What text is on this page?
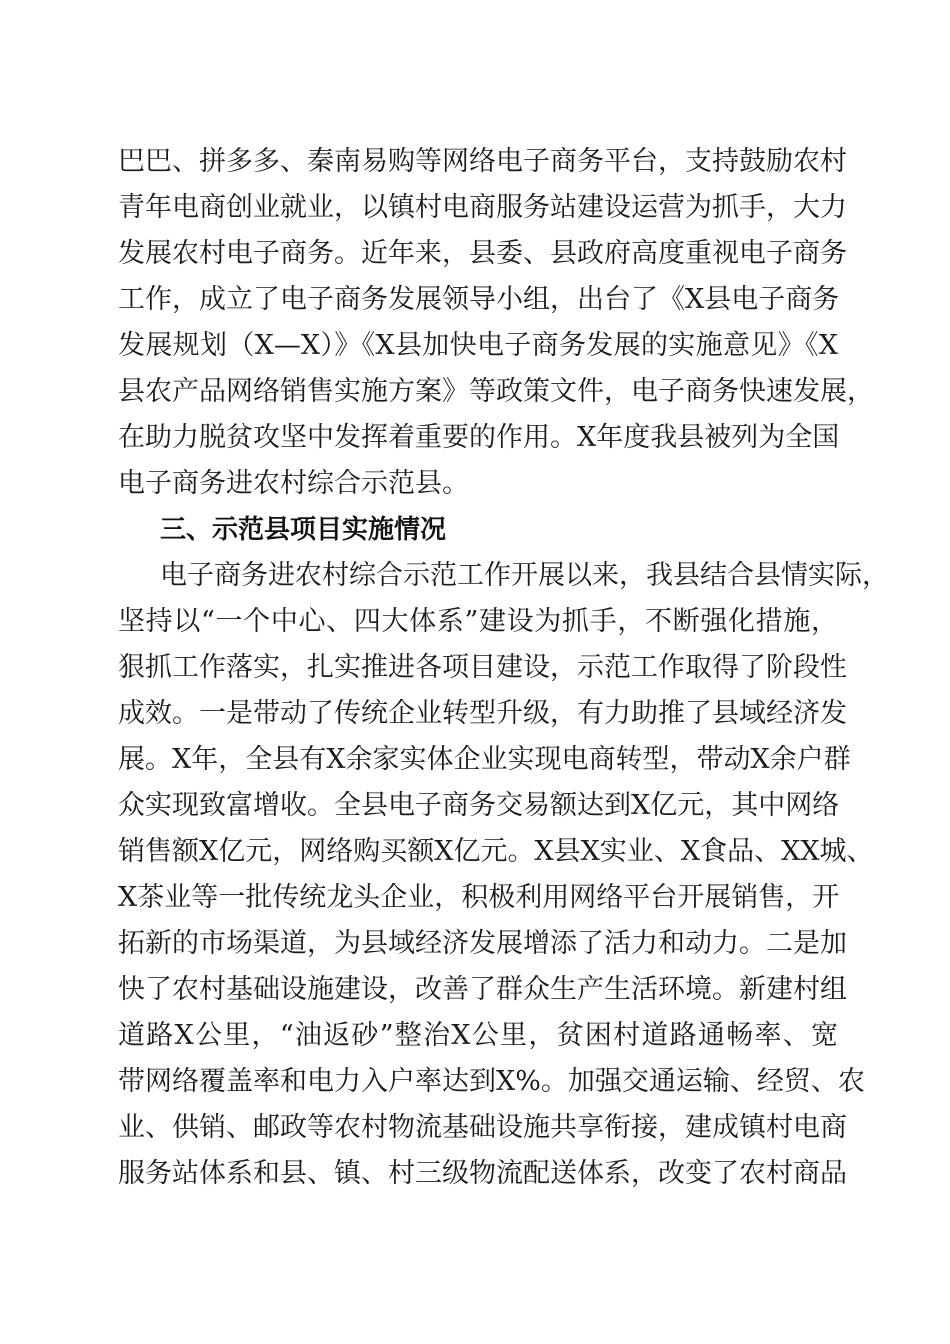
巴巴、拼多多、秦南易购等网络电子商务平台，支持鼓励农村
青年电商创业就业，以镇村电商服务站建设运营为抓手，大力
发展农村电子商务。近年来，县委、县政府高度重视电子商务
工作，成立了电子商务发展领导小组，出台了《X县电子商务
发展规划（X—X）》《X县加快电子商务发展的实施意见》《X
县农产品网络销售实施方案》等政策文件，电子商务快速发展，
在助力脱贫攻坚中发挥着重要的作用。X年度我县被列为全国
电子商务进农村综合示范县。
三、示范县项目实施情况
电子商务进农村综合示范工作开展以来，我县结合县情实际，
坚持以“一个中心、四大体系”建设为抓手，不断强化措施，
狠抓工作落实，扎实推进各项目建设，示范工作取得了阶段性
成效。一是带动了传统企业转型升级，有力助推了县域经济发
展。X年，全县有X余家实体企业实现电商转型，带动X余户群
众实现致富增收。全县电子商务交易额达到X亿元，其中网络
销售额X亿元，网络购买额X亿元。X县X实业、X食品、XX城、
X茶业等一批传统龙头企业，积极利用网络平台开展销售，开
拓新的市场渠道，为县域经济发展增添了活力和动力。二是加
快了农村基础设施建设，改善了群众生产生活环境。新建村组
道路X公里，“油返砂”整治X公里，贫困村道路通畅率、宽
带网络覆盖率和电力入户率达到X%。加强交通运输、经贸、农
业、供销、邮政等农村物流基础设施共享衔接，建成镇村电商
服务站体系和县、镇、村三级物流配送体系，改变了农村商品
